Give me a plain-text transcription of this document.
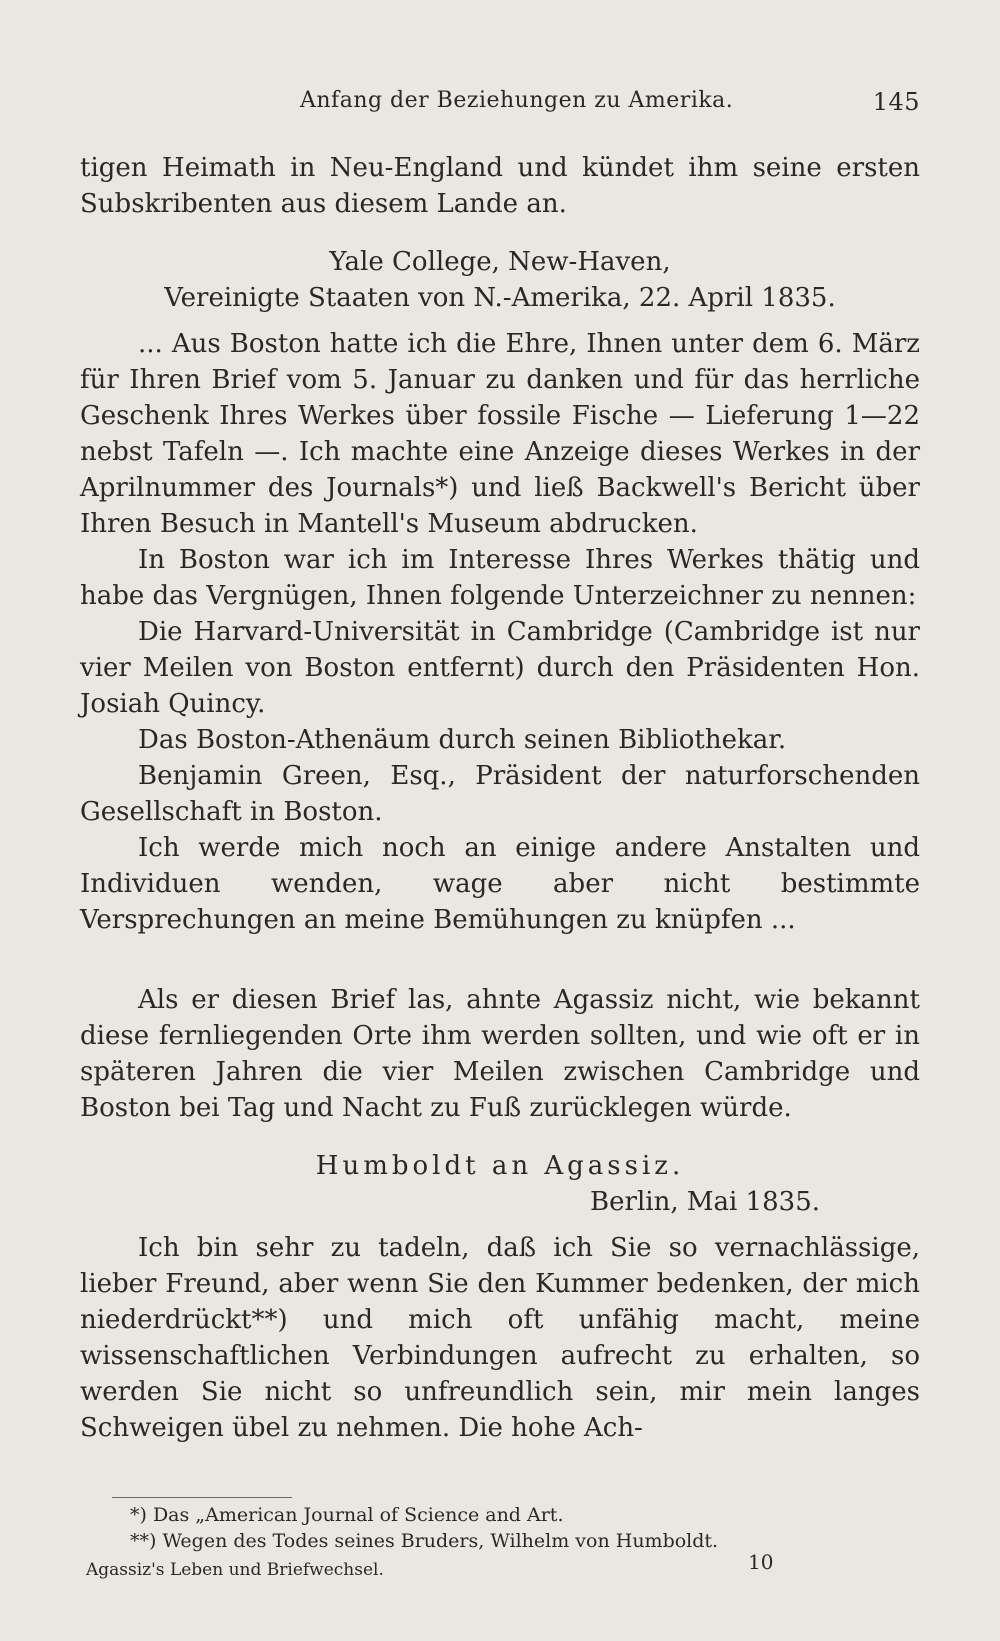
Anfang der Beziehungen zu Amerika.	145

tigen Heimath in Neu-England und kündet ihm seine ersten Subskribenten aus diesem Lande an.

Yale College, New-Haven,

Vereinigte Staaten von N.-Amerika, 22. April 1835.

... Aus Boston hatte ich die Ehre, Ihnen unter dem 6. März für Ihren Brief vom 5. Januar zu danken und für das herrliche Geschenk Ihres Werkes über fossile Fische — Lieferung 1—22 nebst Tafeln —. Ich machte eine Anzeige dieses Werkes in der Aprilnummer des Journals*) und ließ Backwell's Bericht über Ihren Besuch in Mantell's Museum abdrucken.

In Boston war ich im Interesse Ihres Werkes thätig und habe das Vergnügen, Ihnen folgende Unterzeichner zu nennen:

Die Harvard-Universität in Cambridge (Cambridge ist nur vier Meilen von Boston entfernt) durch den Präsidenten Hon. Josiah Quincy.

Das Boston-Athenäum durch seinen Bibliothekar.

Benjamin Green, Esq., Präsident der naturforschenden Gesellschaft in Boston.

Ich werde mich noch an einige andere Anstalten und Individuen wenden, wage aber nicht bestimmte Versprechungen an meine Bemühungen zu knüpfen ...

Als er diesen Brief las, ahnte Agassiz nicht, wie bekannt diese fernliegenden Orte ihm werden sollten, und wie oft er in späteren Jahren die vier Meilen zwischen Cambridge und Boston bei Tag und Nacht zu Fuß zurücklegen würde.

Humboldt an Agassiz.

Berlin, Mai 1835.

Ich bin sehr zu tadeln, daß ich Sie so vernachlässige, lieber Freund, aber wenn Sie den Kummer bedenken, der mich niederdrückt**) und mich oft unfähig macht, meine wissenschaftlichen Verbindungen aufrecht zu erhalten, so werden Sie nicht so unfreundlich sein, mir mein langes Schweigen übel zu nehmen. Die hohe Ach-

*) Das „American Journal of Science and Art.
**) Wegen des Todes seines Bruders, Wilhelm von Humboldt.
10
Agassiz's Leben und Briefwechsel.
